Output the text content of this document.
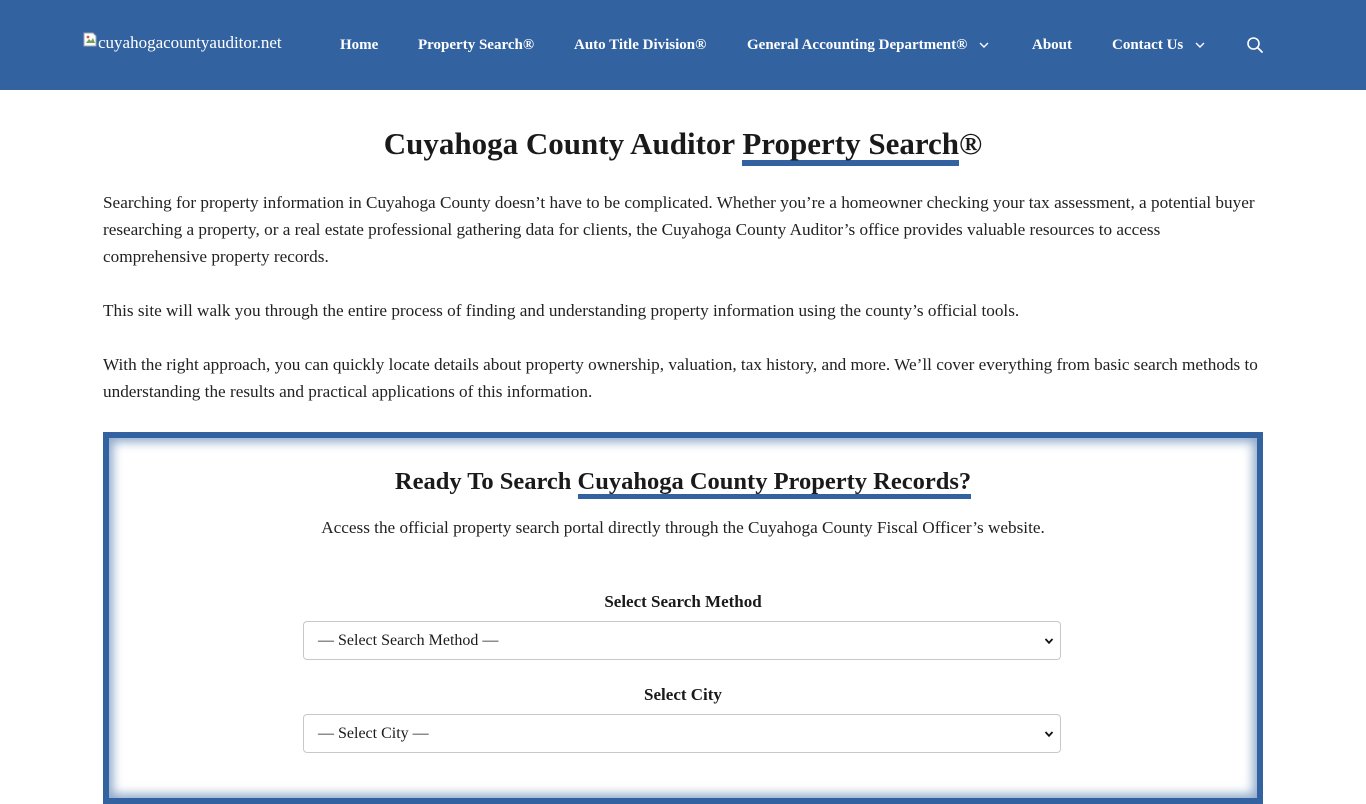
cuyahogacountyauditor.net	Home	Property Search®	Auto Title Division®	General Accounting Department®	About	Contact Us
Cuyahoga County Auditor Property Search®

Searching for property information in Cuyahoga County doesn’t have to be complicated. Whether you’re a homeowner checking your tax assessment, a potential buyer researching a property, or a real estate professional gathering data for clients, the Cuyahoga County Auditor’s office provides valuable resources to access comprehensive property records.

This site will walk you through the entire process of finding and understanding property information using the county’s official tools.

With the right approach, you can quickly locate details about property ownership, valuation, tax history, and more. We’ll cover everything from basic search methods to understanding the results and practical applications of this information.

Ready To Search Cuyahoga County Property Records?

Access the official property search portal directly through the Cuyahoga County Fiscal Officer’s website.

Select Search Method
— Select Search Method —
Select City
— Select City —
